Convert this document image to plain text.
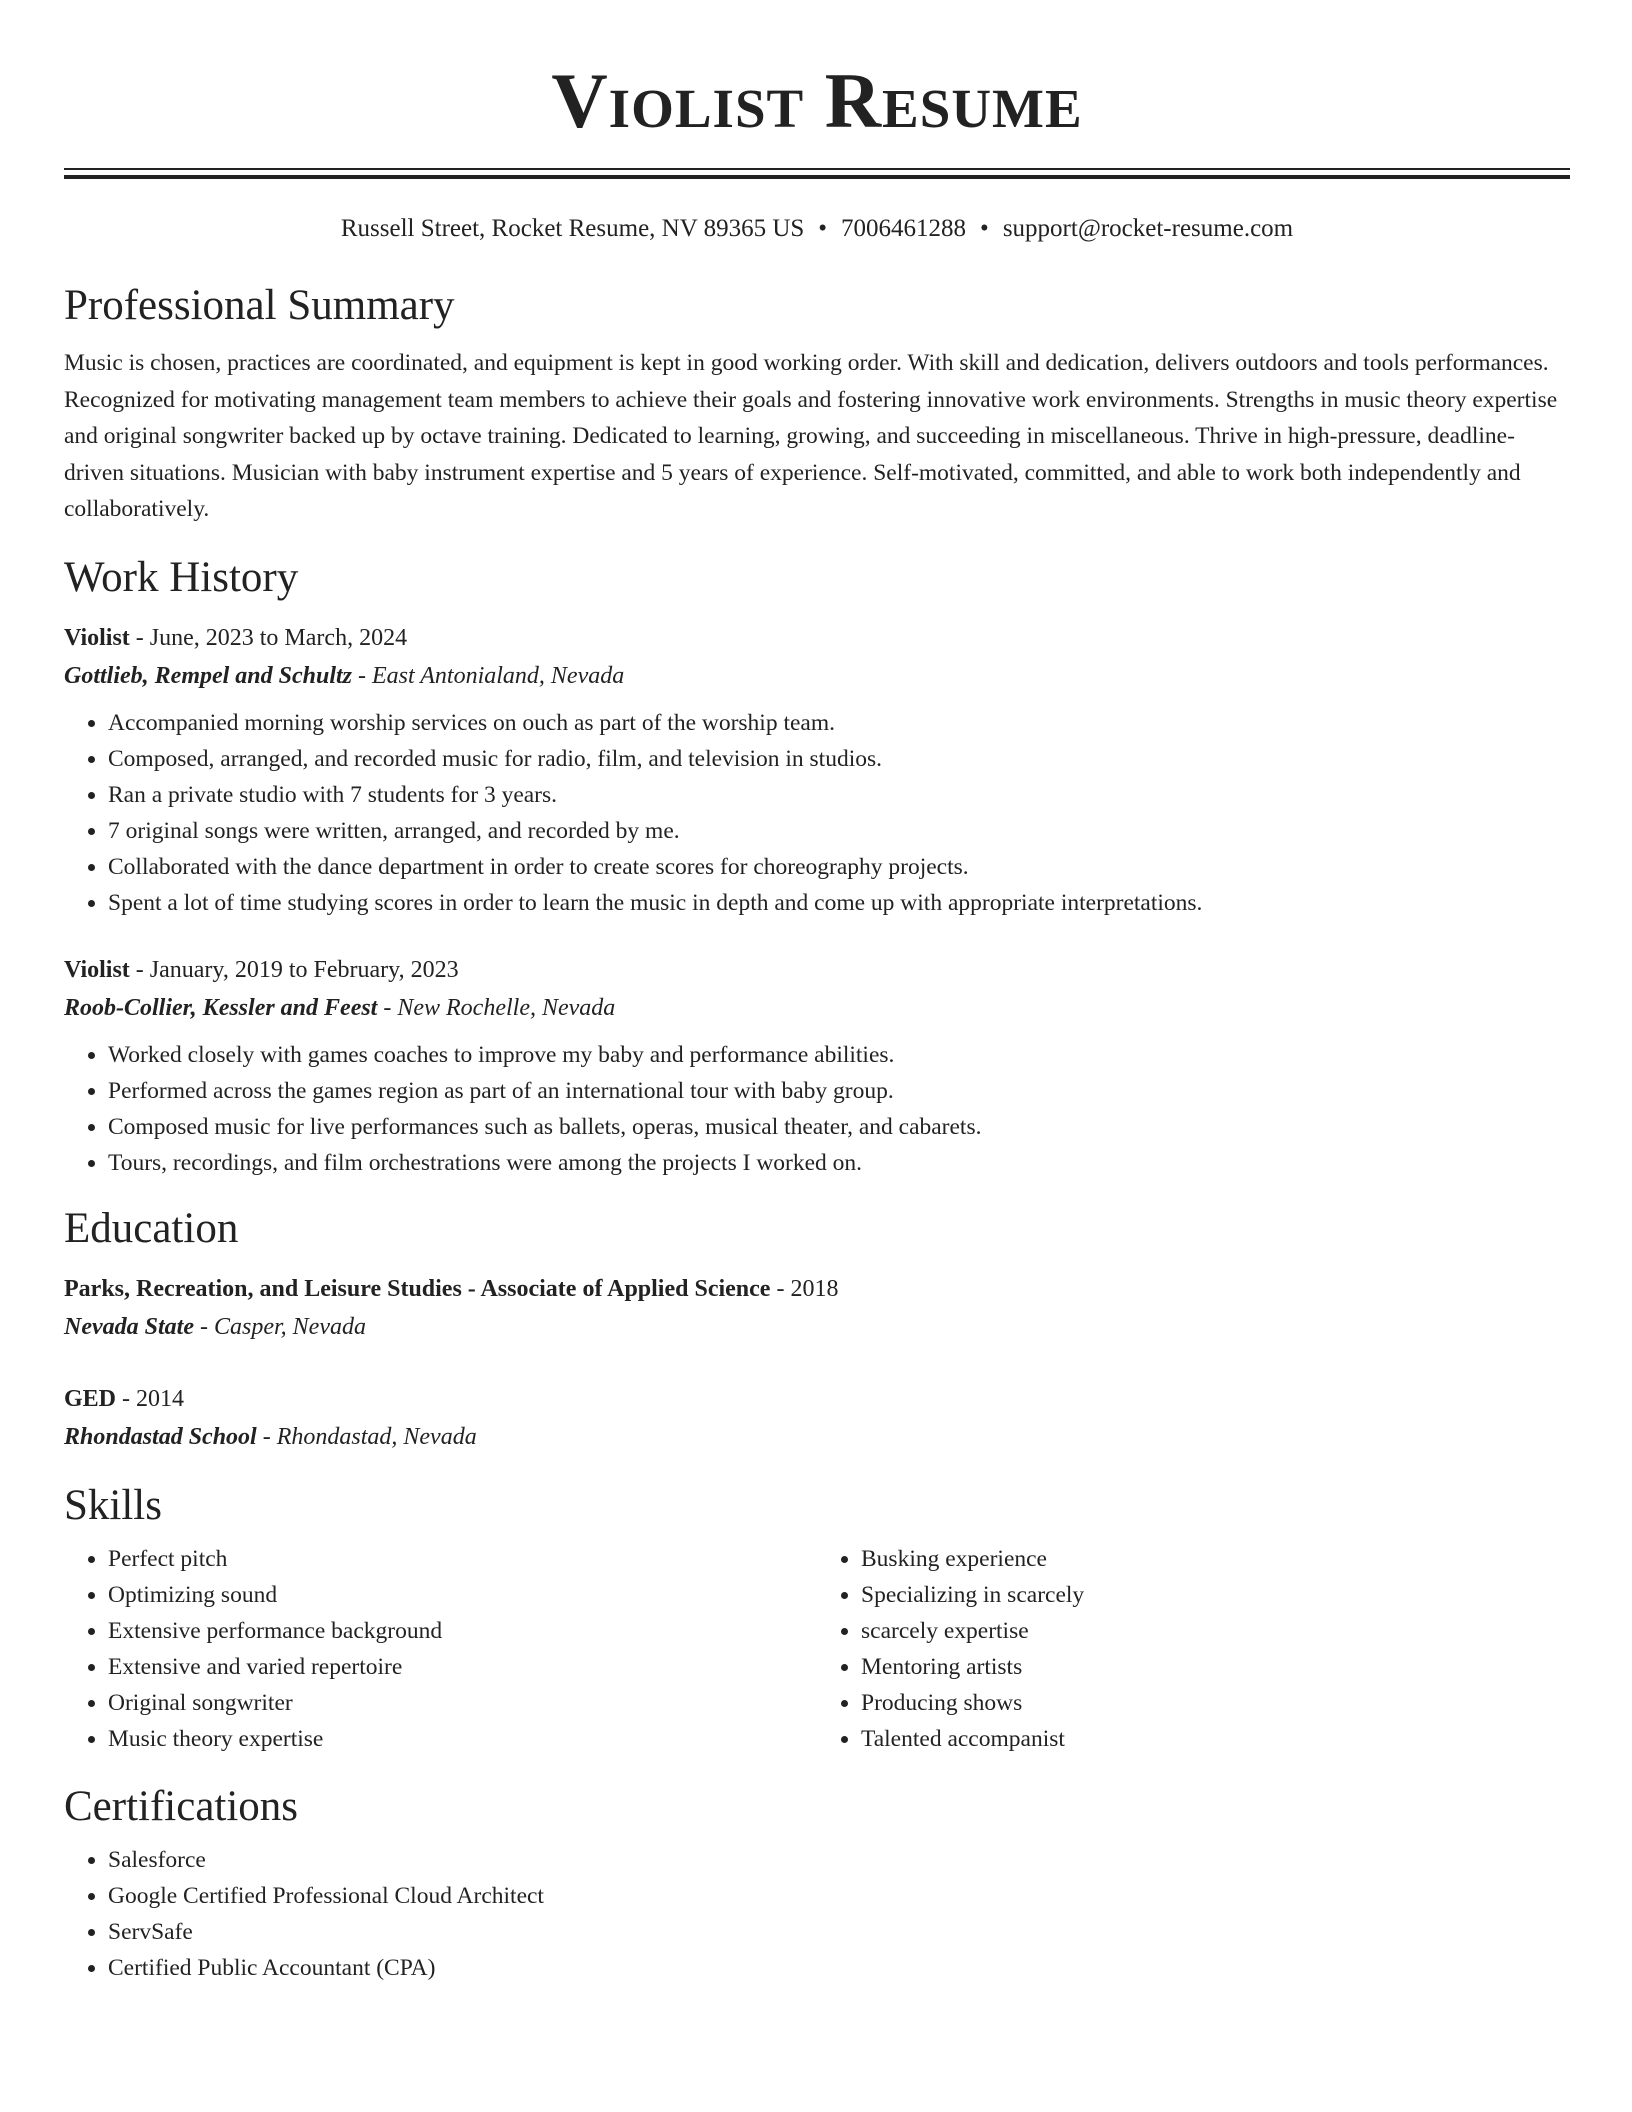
Violist Resume
Russell Street, Rocket Resume, NV 89365 US • 7006461288 • support@rocket-resume.com
Professional Summary

Music is chosen, practices are coordinated, and equipment is kept in good working order. With skill and dedication, delivers outdoors and tools performances. Recognized for motivating management team members to achieve their goals and fostering innovative work environments. Strengths in music theory expertise and original songwriter backed up by octave training. Dedicated to learning, growing, and succeeding in miscellaneous. Thrive in high-pressure, deadline-driven situations. Musician with baby instrument expertise and 5 years of experience. Self-motivated, committed, and able to work both independently and collaboratively.

Work History
Violist - June, 2023 to March, 2024
Gottlieb, Rempel and Schultz - East Antonialand, Nevada
• Accompanied morning worship services on ouch as part of the worship team.
• Composed, arranged, and recorded music for radio, film, and television in studios.
• Ran a private studio with 7 students for 3 years.
• 7 original songs were written, arranged, and recorded by me.
• Collaborated with the dance department in order to create scores for choreography projects.
• Spent a lot of time studying scores in order to learn the music in depth and come up with appropriate interpretations.
Violist - January, 2019 to February, 2023
Roob-Collier, Kessler and Feest - New Rochelle, Nevada
• Worked closely with games coaches to improve my baby and performance abilities.
• Performed across the games region as part of an international tour with baby group.
• Composed music for live performances such as ballets, operas, musical theater, and cabarets.
• Tours, recordings, and film orchestrations were among the projects I worked on.
Education
Parks, Recreation, and Leisure Studies - Associate of Applied Science - 2018
Nevada State - Casper, Nevada
GED - 2014
Rhondastad School - Rhondastad, Nevada
Skills
• Perfect pitch
• Optimizing sound
• Extensive performance background
• Extensive and varied repertoire
• Original songwriter
• Music theory expertise
• Busking experience
• Specializing in scarcely
• scarcely expertise
• Mentoring artists
• Producing shows
• Talented accompanist
Certifications
• Salesforce
• Google Certified Professional Cloud Architect
• ServSafe
• Certified Public Accountant (CPA)
